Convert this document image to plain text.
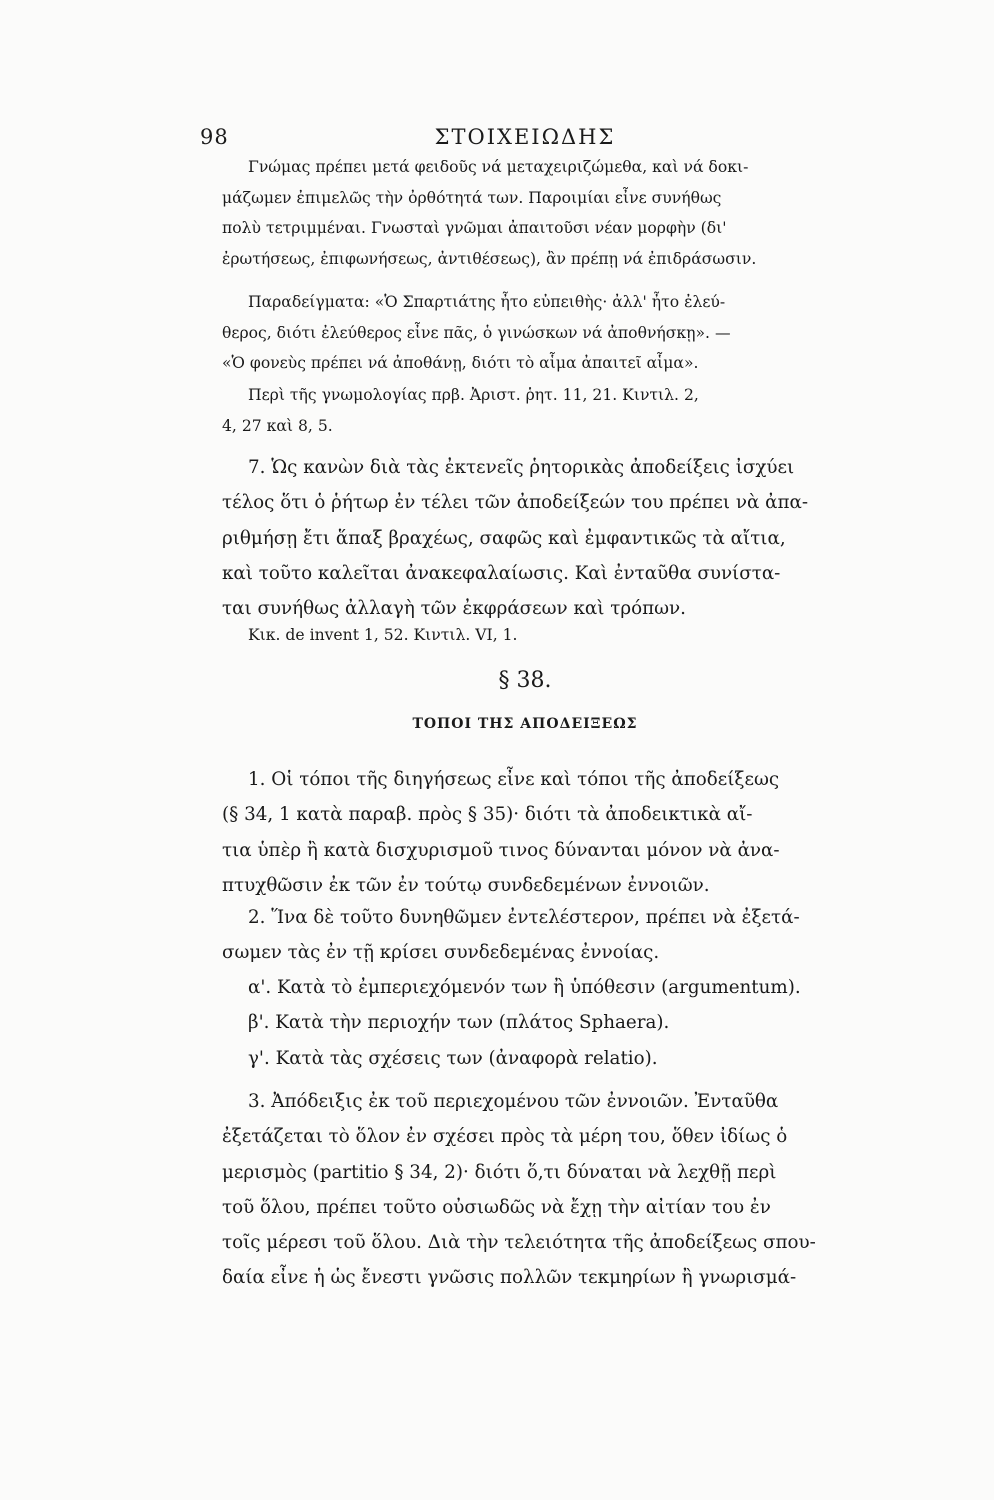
98	ΣΤΟΙΧΕΙΩΔΗΣ
Γνώμας πρέπει μετά φειδοῦς νά μεταχειριζώμεθα, καὶ νά δοκι-
μάζωμεν ἐπιμελῶς τὴν ὀρθότητά των. Παροιμίαι εἶνε συνήθως
πολὺ τετριμμέναι. Γνωσταὶ γνῶμαι ἀπαιτοῦσι νέαν μορφὴν (δι'
ἐρωτήσεως, ἐπιφωνήσεως, ἀντιθέσεως), ἂν πρέπῃ νά ἐπιδράσωσιν.
Παραδείγματα: «Ὁ Σπαρτιάτης ἦτο εὐπειθὴς· ἀλλ' ἦτο ἐλεύ-
θερος, διότι ἐλεύθερος εἶνε πᾶς, ὁ γινώσκων νά ἀποθνήσκῃ». —
«Ὁ φονεὺς πρέπει νά ἀποθάνῃ, διότι τὸ αἷμα ἀπαιτεῖ αἷμα».
Περὶ τῆς γνωμολογίας πρβ. Ἀριστ. ῥητ. 11, 21. Κιντιλ. 2,
4, 27 καὶ 8, 5.
7. Ὡς κανὼν διὰ τὰς ἐκτενεῖς ῥητορικὰς ἀποδείξεις ἰσχύει
τέλος ὅτι ὁ ῥήτωρ ἐν τέλει τῶν ἀποδείξεών του πρέπει νὰ ἀπα-
ριθμήσῃ ἔτι ἅπαξ βραχέως, σαφῶς καὶ ἐμφαντικῶς τὰ αἴτια,
καὶ τοῦτο καλεῖται ἀνακεφαλαίωσις. Καὶ ἐνταῦθα συνίστα-
ται συνήθως ἀλλαγὴ τῶν ἐκφράσεων καὶ τρόπων.
Κικ. de invent 1, 52. Κιντιλ. VI, 1.
§ 38.
ΤΟΠΟΙ ΤΗΣ ΑΠΟΔΕΙΞΕΩΣ
1. Οἱ τόποι τῆς διηγήσεως εἶνε καὶ τόποι τῆς ἀποδείξεως
(§ 34, 1 κατὰ παραβ. πρὸς § 35)· διότι τὰ ἀποδεικτικὰ αἴ-
τια ὑπὲρ ἢ κατὰ δισχυρισμοῦ τινος δύνανται μόνον νὰ ἀνα-
πτυχθῶσιν ἐκ τῶν ἐν τούτῳ συνδεδεμένων ἐννοιῶν.
2. Ἵνα δὲ τοῦτο δυνηθῶμεν ἐντελέστερον, πρέπει νὰ ἐξετά-
σωμεν τὰς ἐν τῇ κρίσει συνδεδεμένας ἐννοίας.
α'. Κατὰ τὸ ἐμπεριεχόμενόν των ἢ ὑπόθεσιν (argumentum).
β'. Κατὰ τὴν περιοχήν των (πλάτος Sphaera).
γ'. Κατὰ τὰς σχέσεις των (ἀναφορὰ relatio).
3. Ἀπόδειξις ἐκ τοῦ περιεχομένου τῶν ἐννοιῶν. Ἐνταῦθα
ἐξετάζεται τὸ ὅλον ἐν σχέσει πρὸς τὰ μέρη του, ὅθεν ἰδίως ὁ
μερισμὸς (partitio § 34, 2)· διότι ὅ,τι δύναται νὰ λεχθῇ περὶ
τοῦ ὅλου, πρέπει τοῦτο οὐσιωδῶς νὰ ἔχῃ τὴν αἰτίαν του ἐν
τοῖς μέρεσι τοῦ ὅλου. Διὰ τὴν τελειότητα τῆς ἀποδείξεως σπου-
δαία εἶνε ἡ ὡς ἔνεστι γνῶσις πολλῶν τεκμηρίων ἢ γνωρισμά-
